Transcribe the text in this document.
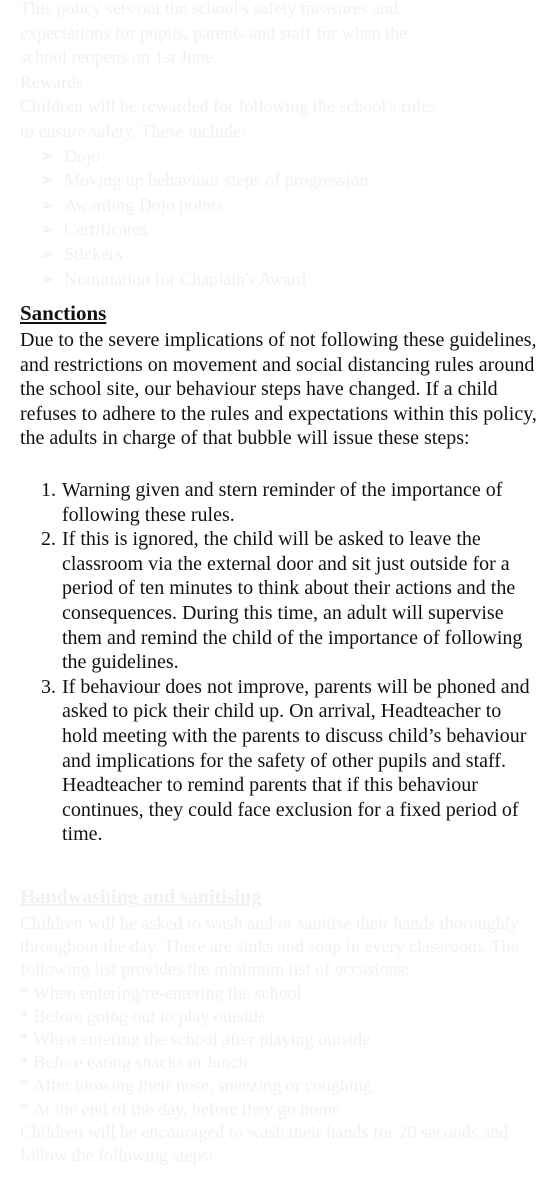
This policy sets out the school's safety measures and

expectations for pupils, parents and staff for when the

school reopens on 1st June

Rewards

Children will be rewarded for following the school's rules

to ensure safety. These include:

➢  Dojo
➢  Moving up behaviour steps of progression
➢  Awarding Dojo points
➢  Certificates
➢  Stickers
➢  Nomination for Chaplain's Award
Sanctions

Due to the severe implications of not following these guidelines, and restrictions on movement and social distancing rules around the school site, our behaviour steps have changed. If a child refuses to adhere to the rules and expectations within this policy, the adults in charge of that bubble will issue these steps:

1. Warning given and stern reminder of the importance of following these rules.
2. If this is ignored, the child will be asked to leave the classroom via the external door and sit just outside for a period of ten minutes to think about their actions and the consequences. During this time, an adult will supervise them and remind the child of the importance of following the guidelines.
3. If behaviour does not improve, parents will be phoned and asked to pick their child up. On arrival, Headteacher to hold meeting with the parents to discuss child’s behaviour and implications for the safety of other pupils and staff. Headteacher to remind parents that if this behaviour continues, they could face exclusion for a fixed period of time.
Handwashing and sanitising

Children will be asked to wash and/or sanitise their hands thoroughly throughout the day. There are sinks and soap in every classroom. The following list provides the minimum list of occasions:

* When entering/re-entering the school
* Before going out to play outside
* When entering the school after playing outside
* Before eating snacks or lunch
* After blowing their nose, sneezing or coughing
* At the end of the day, before they go home

Children will be encouraged to wash their hands for 20 seconds and follow the following steps:
